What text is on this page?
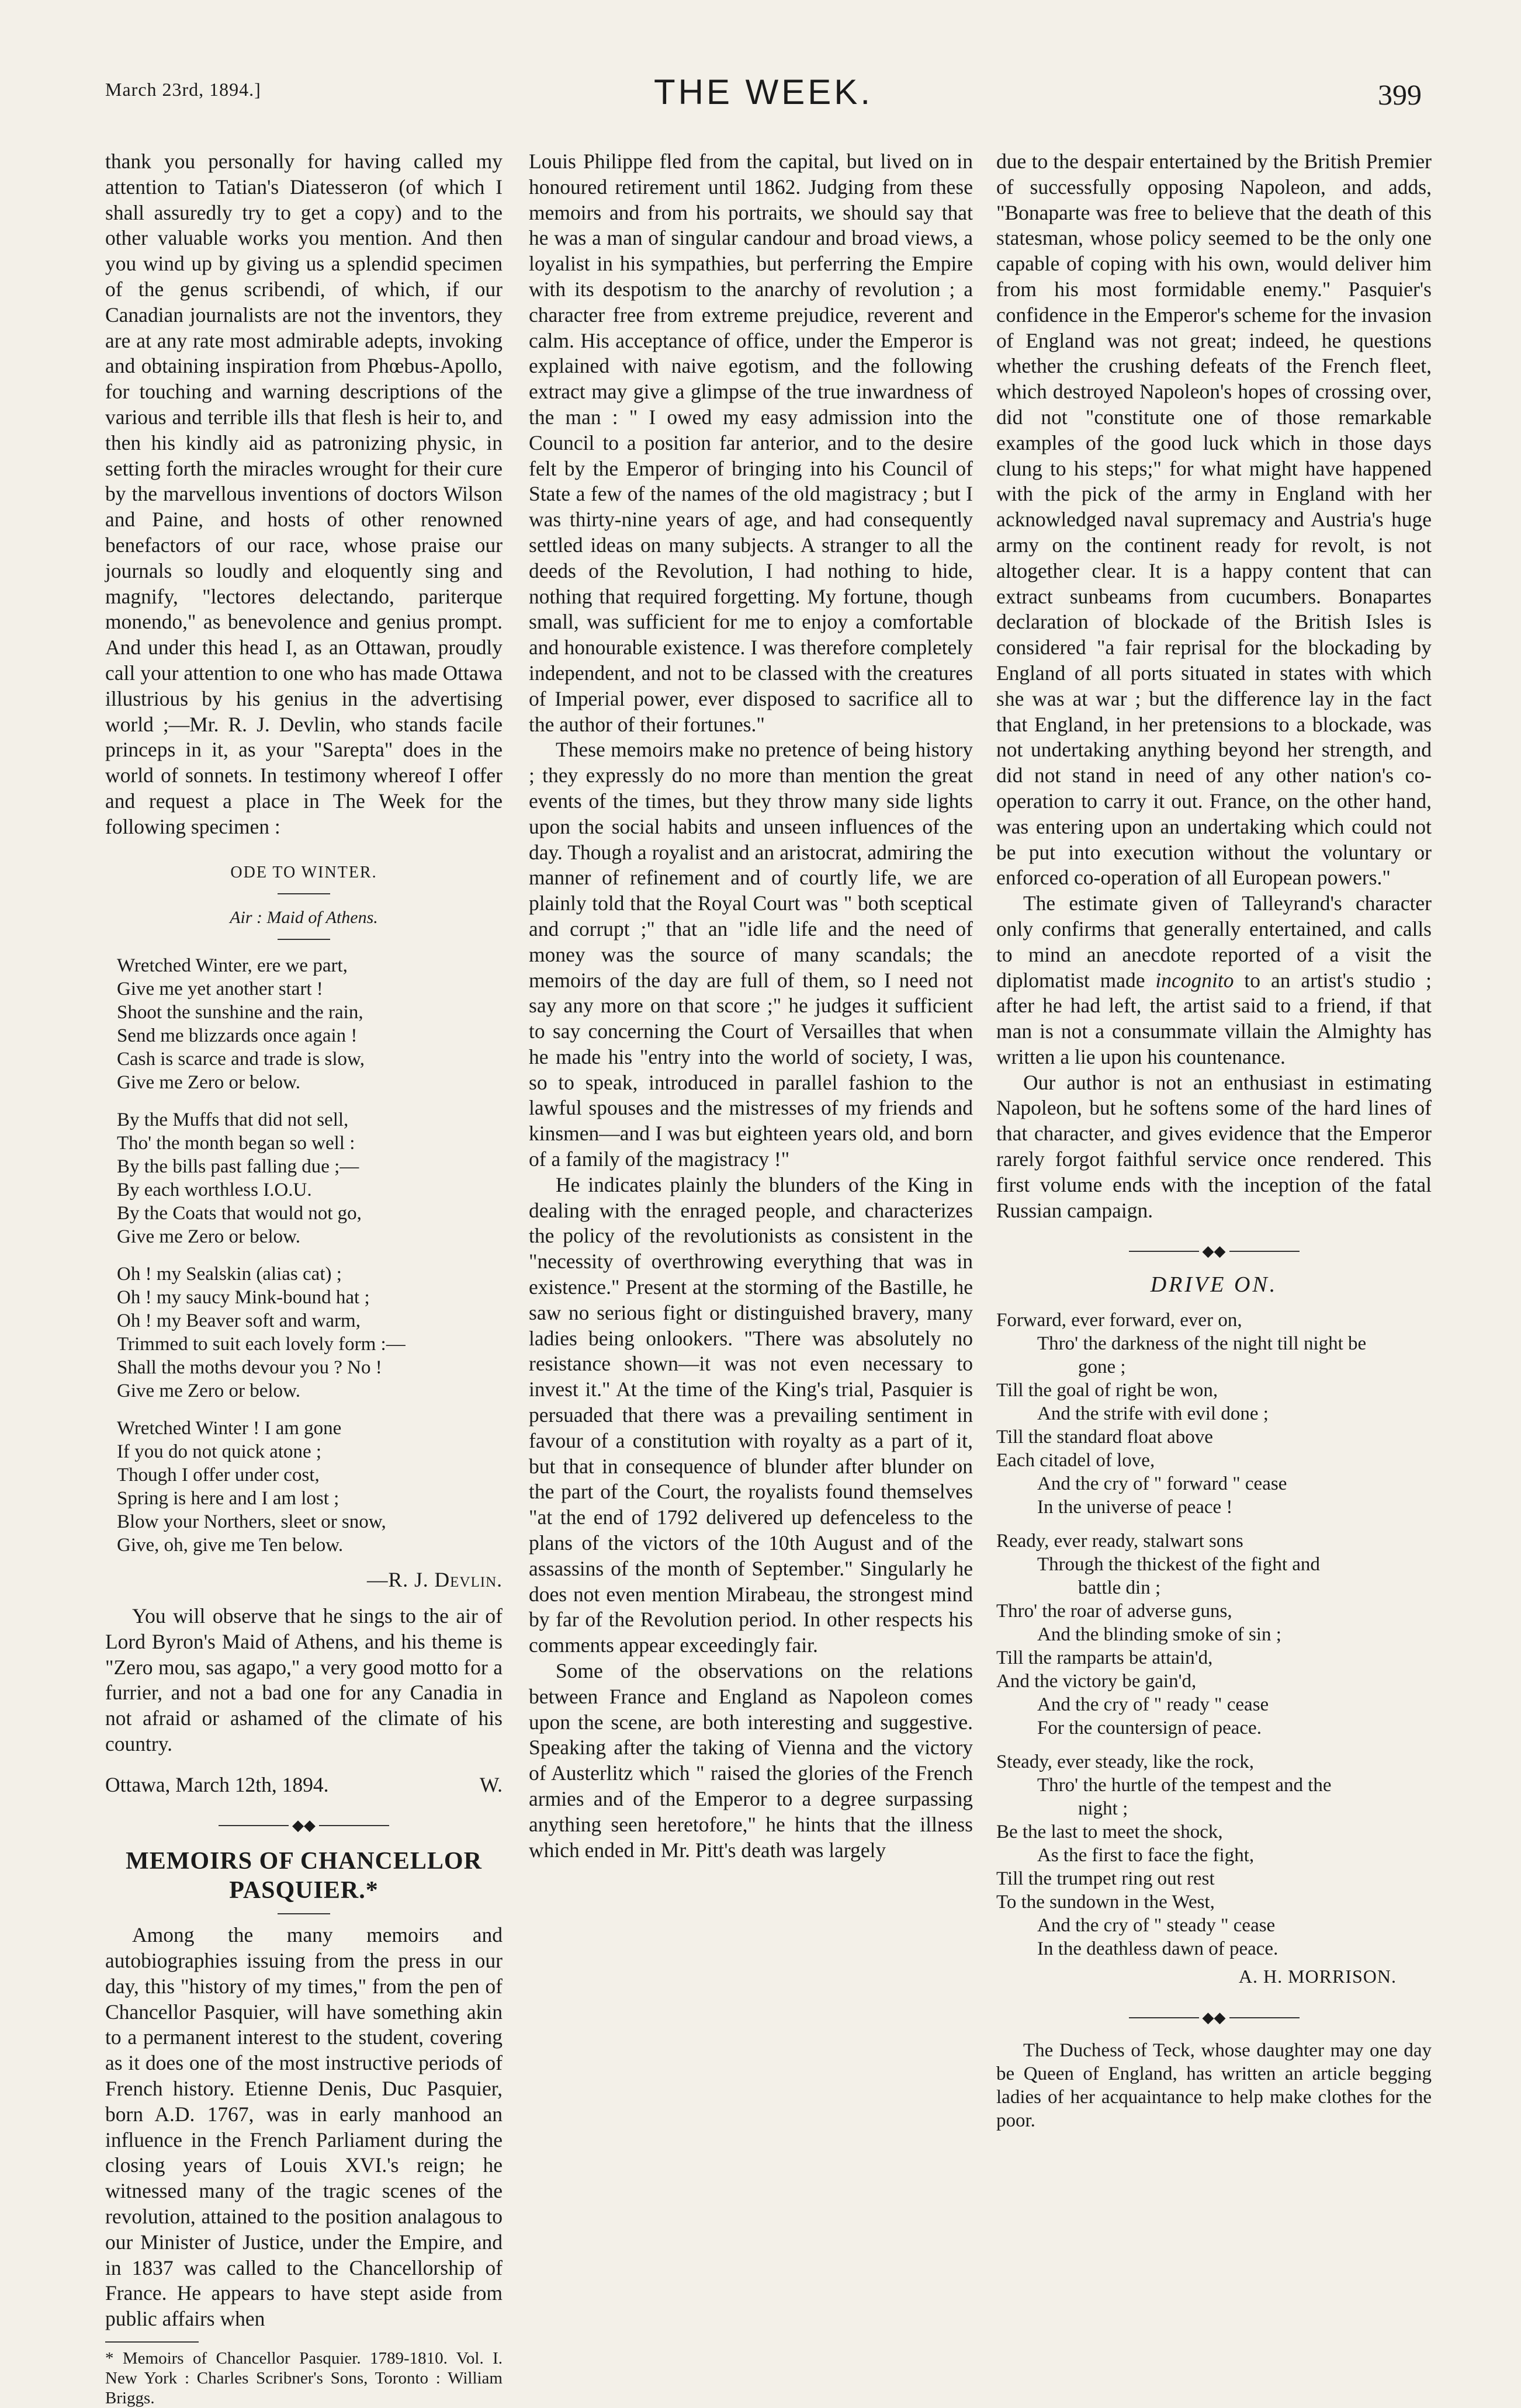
March 23rd, 1894.]	THE WEEK.	399

thank you personally for having called my attention to Tatian's Diatesseron (of which I shall assuredly try to get a copy) and to the other valuable works you mention. And then you wind up by giving us a splendid specimen of the genus scribendi, of which, if our Canadian journalists are not the inventors, they are at any rate most admirable adepts, invoking and obtaining inspiration from Phœbus-Apollo, for touching and warning descriptions of the various and terrible ills that flesh is heir to, and then his kindly aid as patronizing physic, in setting forth the miracles wrought for their cure by the marvellous inventions of doctors Wilson and Paine, and hosts of other renowned benefactors of our race, whose praise our journals so loudly and eloquently sing and magnify, "lectores delectando, pariterque monendo," as benevolence and genius prompt. And under this head I, as an Ottawan, proudly call your attention to one who has made Ottawa illustrious by his genius in the advertising world ;—Mr. R. J. Devlin, who stands facile princeps in it, as your "Sarepta" does in the world of sonnets. In testimony whereof I offer and request a place in The Week for the following specimen :

ODE TO WINTER.
Air : Maid of Athens.
Wretched Winter, ere we part,
Give me yet another start !
Shoot the sunshine and the rain,
Send me blizzards once again !
Cash is scarce and trade is slow,
Give me Zero or below.
By the Muffs that did not sell,
Tho' the month began so well :
By the bills past falling due ;—
By each worthless I.O.U.
By the Coats that would not go,
Give me Zero or below.
Oh ! my Sealskin (alias cat) ;
Oh ! my saucy Mink-bound hat ;
Oh ! my Beaver soft and warm,
Trimmed to suit each lovely form :—
Shall the moths devour you ? No !
Give me Zero or below.
Wretched Winter ! I am gone
If you do not quick atone ;
Though I offer under cost,
Spring is here and I am lost ;
Blow your Northers, sleet or snow,
Give, oh, give me Ten below.
—R. J. Devlin.

You will observe that he sings to the air of Lord Byron's Maid of Athens, and his theme is "Zero mou, sas agapo," a very good motto for a furrier, and not a bad one for any Canadia in not afraid or ashamed of the climate of his country.

Ottawa, March 12th, 1894.	W.
◆◆
MEMOIRS OF CHANCELLOR PASQUIER.*

Among the many memoirs and autobiographies issuing from the press in our day, this "history of my times," from the pen of Chancellor Pasquier, will have something akin to a permanent interest to the student, covering as it does one of the most instructive periods of French history. Etienne Denis, Duc Pasquier, born A.D. 1767, was in early manhood an influence in the French Parliament during the closing years of Louis XVI.'s reign; he witnessed many of the tragic scenes of the revolution, attained to the position analagous to our Minister of Justice, under the Empire, and in 1837 was called to the Chancellorship of France. He appears to have stept aside from public affairs when

* Memoirs of Chancellor Pasquier. 1789-1810. Vol. I. New York : Charles Scribner's Sons, Toronto : William Briggs.

Louis Philippe fled from the capital, but lived on in honoured retirement until 1862. Judging from these memoirs and from his portraits, we should say that he was a man of singular candour and broad views, a loyalist in his sympathies, but perferring the Empire with its despotism to the anarchy of revolution ; a character free from extreme prejudice, reverent and calm. His acceptance of office, under the Emperor is explained with naive egotism, and the following extract may give a glimpse of the true inwardness of the man : " I owed my easy admission into the Council to a position far anterior, and to the desire felt by the Emperor of bringing into his Council of State a few of the names of the old magistracy ; but I was thirty-nine years of age, and had consequently settled ideas on many subjects. A stranger to all the deeds of the Revolution, I had nothing to hide, nothing that required forgetting. My fortune, though small, was sufficient for me to enjoy a comfortable and honourable existence. I was therefore completely independent, and not to be classed with the creatures of Imperial power, ever disposed to sacrifice all to the author of their fortunes."

These memoirs make no pretence of being history ; they expressly do no more than mention the great events of the times, but they throw many side lights upon the social habits and unseen influences of the day. Though a royalist and an aristocrat, admiring the manner of refinement and of courtly life, we are plainly told that the Royal Court was " both sceptical and corrupt ;" that an "idle life and the need of money was the source of many scandals; the memoirs of the day are full of them, so I need not say any more on that score ;" he judges it sufficient to say concerning the Court of Versailles that when he made his "entry into the world of society, I was, so to speak, introduced in parallel fashion to the lawful spouses and the mistresses of my friends and kinsmen—and I was but eighteen years old, and born of a family of the magistracy !"

He indicates plainly the blunders of the King in dealing with the enraged people, and characterizes the policy of the revolutionists as consistent in the "necessity of overthrowing everything that was in existence." Present at the storming of the Bastille, he saw no serious fight or distinguished bravery, many ladies being onlookers. "There was absolutely no resistance shown—it was not even necessary to invest it." At the time of the King's trial, Pasquier is persuaded that there was a prevailing sentiment in favour of a constitution with royalty as a part of it, but that in consequence of blunder after blunder on the part of the Court, the royalists found themselves "at the end of 1792 delivered up defenceless to the plans of the victors of the 10th August and of the assassins of the month of September." Singularly he does not even mention Mirabeau, the strongest mind by far of the Revolution period. In other respects his comments appear exceedingly fair.

Some of the observations on the relations between France and England as Napoleon comes upon the scene, are both interesting and suggestive. Speaking after the taking of Vienna and the victory of Austerlitz which " raised the glories of the French armies and of the Emperor to a degree surpassing anything seen heretofore," he hints that the illness which ended in Mr. Pitt's death was largely

due to the despair entertained by the British Premier of successfully opposing Napoleon, and adds, "Bonaparte was free to believe that the death of this statesman, whose policy seemed to be the only one capable of coping with his own, would deliver him from his most formidable enemy." Pasquier's confidence in the Emperor's scheme for the invasion of England was not great; indeed, he questions whether the crushing defeats of the French fleet, which destroyed Napoleon's hopes of crossing over, did not "constitute one of those remarkable examples of the good luck which in those days clung to his steps;" for what might have happened with the pick of the army in England with her acknowledged naval supremacy and Austria's huge army on the continent ready for revolt, is not altogether clear. It is a happy content that can extract sunbeams from cucumbers. Bonapartes declaration of blockade of the British Isles is considered "a fair reprisal for the blockading by England of all ports situated in states with which she was at war ; but the difference lay in the fact that England, in her pretensions to a blockade, was not undertaking anything beyond her strength, and did not stand in need of any other nation's co-operation to carry it out. France, on the other hand, was entering upon an undertaking which could not be put into execution without the voluntary or enforced co-operation of all European powers."

The estimate given of Talleyrand's character only confirms that generally entertained, and calls to mind an anecdote reported of a visit the diplomatist made incognito to an artist's studio ; after he had left, the artist said to a friend, if that man is not a consummate villain the Almighty has written a lie upon his countenance.

Our author is not an enthusiast in estimating Napoleon, but he softens some of the hard lines of that character, and gives evidence that the Emperor rarely forgot faithful service once rendered. This first volume ends with the inception of the fatal Russian campaign.

◆◆
DRIVE ON.
Forward, ever forward, ever on,
Thro' the darkness of the night till night be
gone ;
Till the goal of right be won,
And the strife with evil done ;
Till the standard float above
Each citadel of love,
And the cry of " forward " cease
In the universe of peace !
Ready, ever ready, stalwart sons
Through the thickest of the fight and
battle din ;
Thro' the roar of adverse guns,
And the blinding smoke of sin ;
Till the ramparts be attain'd,
And the victory be gain'd,
And the cry of " ready " cease
For the countersign of peace.
Steady, ever steady, like the rock,
Thro' the hurtle of the tempest and the
night ;
Be the last to meet the shock,
As the first to face the fight,
Till the trumpet ring out rest
To the sundown in the West,
And the cry of " steady " cease
In the deathless dawn of peace.
A. H. MORRISON.
◆◆

The Duchess of Teck, whose daughter may one day be Queen of England, has written an article begging ladies of her acquaintance to help make clothes for the poor.
